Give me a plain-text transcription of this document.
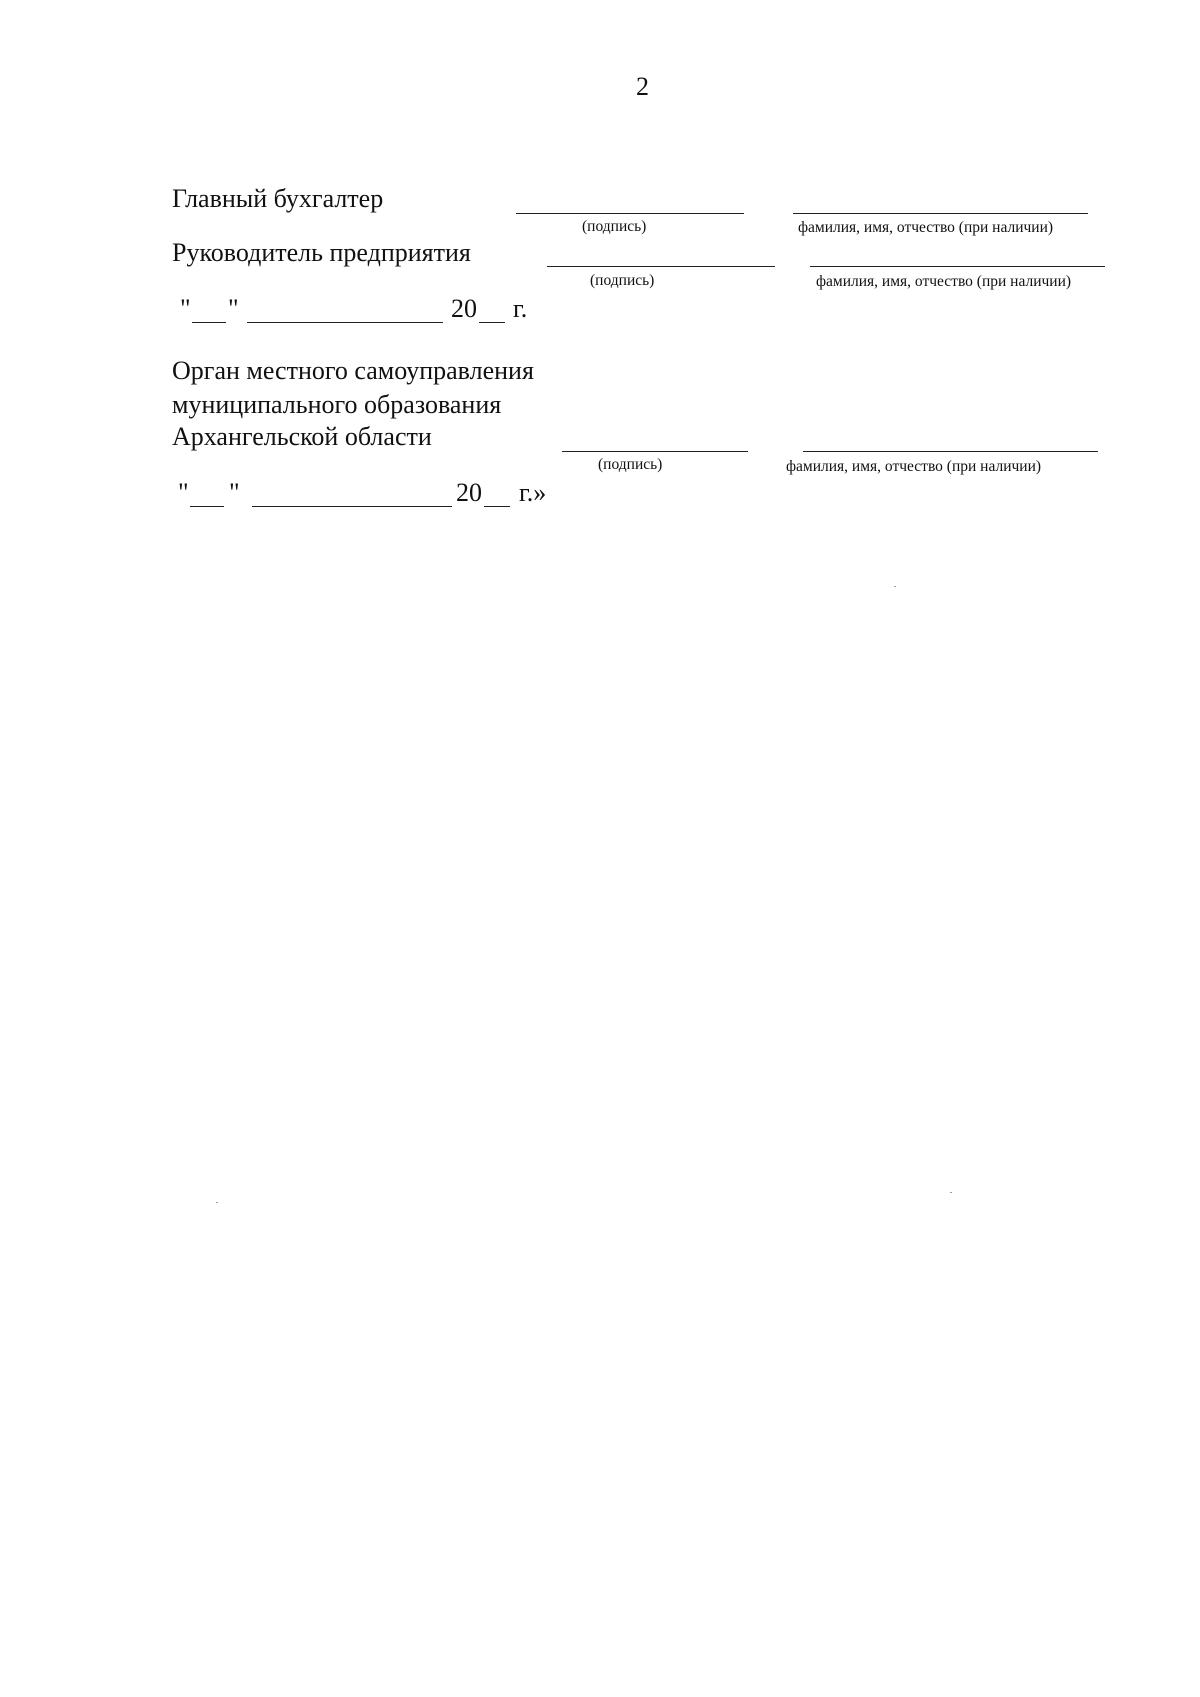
2
Главный бухгалтер
(подпись)	фамилия, имя, отчество (при наличии)
Руководитель предприятия
(подпись)	фамилия, имя, отчество (при наличии)
" "	20 г.
Орган местного самоуправления
муниципального образования
Архангельской области
(подпись)	фамилия, имя, отчество (при наличии)
" "	20 г.»
